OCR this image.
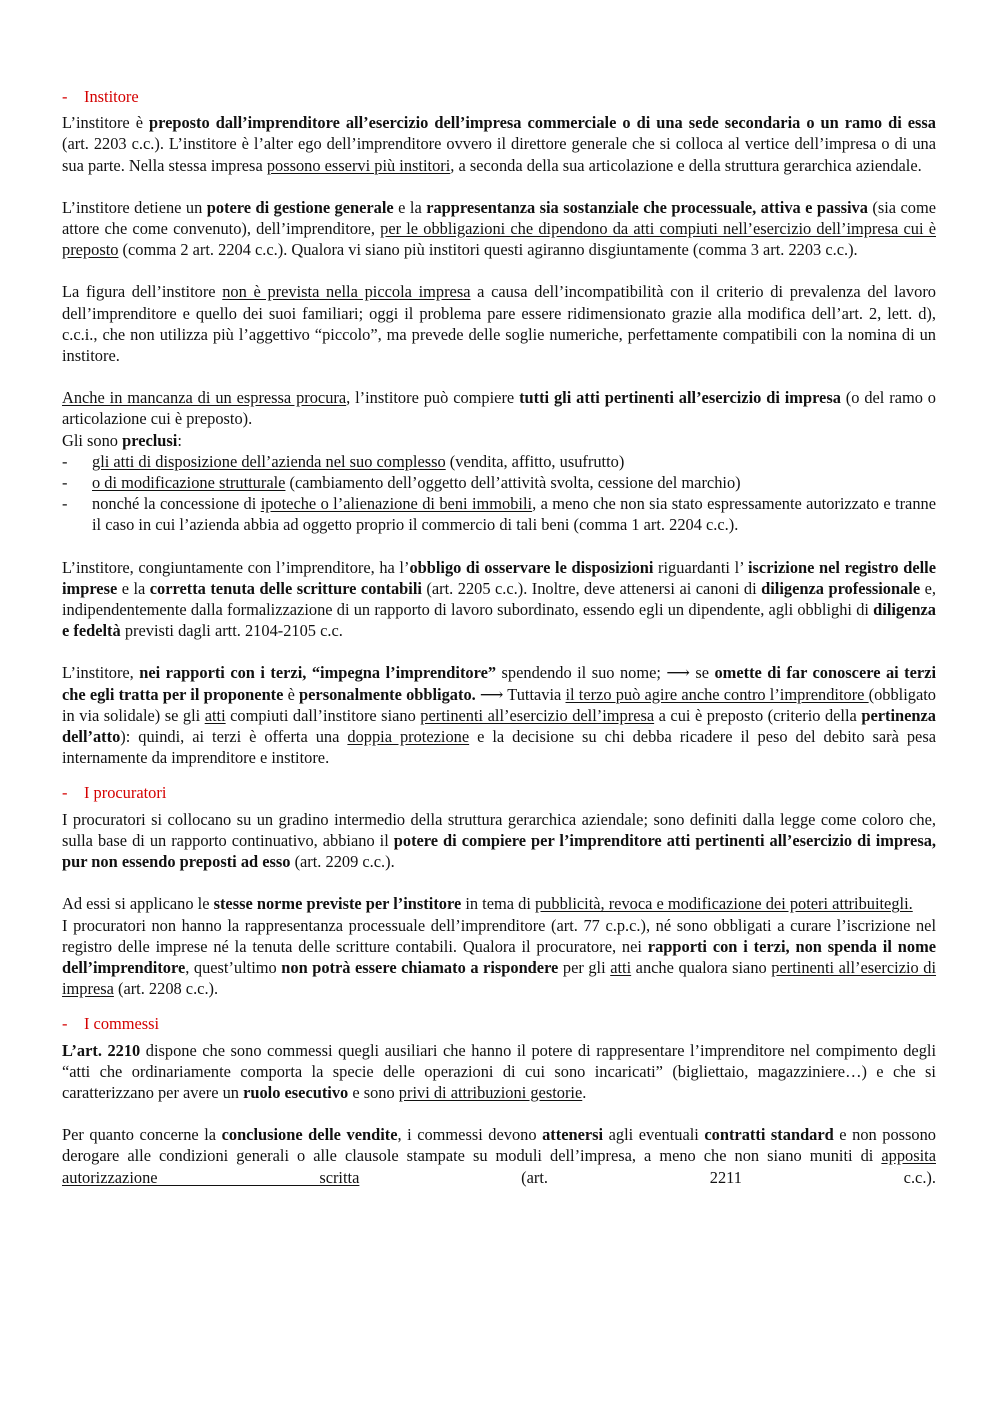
- Institore

L’institore è preposto dall’imprenditore all’esercizio dell’impresa commerciale o di una sede secondaria o un ramo di essa (art. 2203 c.c.). L’institore è l’alter ego dell’imprenditore ovvero il direttore generale che si colloca al vertice dell’impresa o di una sua parte. Nella stessa impresa possono esservi più institori, a seconda della sua articolazione e della struttura gerarchica aziendale.

L’institore detiene un potere di gestione generale e la rappresentanza sia sostanziale che processuale, attiva e passiva (sia come attore che come convenuto), dell’imprenditore, per le obbligazioni che dipendono da atti compiuti nell’esercizio dell’impresa cui è preposto (comma 2 art. 2204 c.c.). Qualora vi siano più institori questi agiranno disgiuntamente (comma 3 art. 2203 c.c.).

La figura dell’institore non è prevista nella piccola impresa a causa dell’incompatibilità con il criterio di prevalenza del lavoro dell’imprenditore e quello dei suoi familiari; oggi il problema pare essere ridimensionato grazie alla modifica dell’art. 2, lett. d), c.c.i., che non utilizza più l’aggettivo “piccolo”, ma prevede delle soglie numeriche, perfettamente compatibili con la nomina di un institore.

Anche in mancanza di un espressa procura, l’institore può compiere tutti gli atti pertinenti all’esercizio di impresa (o del ramo o articolazione cui è preposto).

Gli sono preclusi:

- gli atti di disposizione dell’azienda nel suo complesso (vendita, affitto, usufrutto)
- o di modificazione strutturale (cambiamento dell’oggetto dell’attività svolta, cessione del marchio)
- nonché la concessione di ipoteche o l’alienazione di beni immobili, a meno che non sia stato espressamente autorizzato e tranne il caso in cui l’azienda abbia ad oggetto proprio il commercio di tali beni (comma 1 art. 2204 c.c.).

L’institore, congiuntamente con l’imprenditore, ha l’obbligo di osservare le disposizioni riguardanti l’ iscrizione nel registro delle imprese e la corretta tenuta delle scritture contabili (art. 2205 c.c.). Inoltre, deve attenersi ai canoni di diligenza professionale e, indipendentemente dalla formalizzazione di un rapporto di lavoro subordinato, essendo egli un dipendente, agli obblighi di diligenza e fedeltà previsti dagli artt. 2104-2105 c.c.

L’institore, nei rapporti con i terzi, “impegna l’imprenditore” spendendo il suo nome; ⟶ se omette di far conoscere ai terzi che egli tratta per il proponente è personalmente obbligato. ⟶ Tuttavia il terzo può agire anche contro l’imprenditore (obbligato in via solidale) se gli atti compiuti dall’institore siano pertinenti all’esercizio dell’impresa a cui è preposto (criterio della pertinenza dell’atto): quindi, ai terzi è offerta una doppia protezione e la decisione su chi debba ricadere il peso del debito sarà pesa internamente da imprenditore e institore.

- I procuratori

I procuratori si collocano su un gradino intermedio della struttura gerarchica aziendale; sono definiti dalla legge come coloro che, sulla base di un rapporto continuativo, abbiano il potere di compiere per l’imprenditore atti pertinenti all’esercizio di impresa, pur non essendo preposti ad esso (art. 2209 c.c.).

Ad essi si applicano le stesse norme previste per l’institore in tema di pubblicità, revoca e modificazione dei poteri attribuitegli.

I procuratori non hanno la rappresentanza processuale dell’imprenditore (art. 77 c.p.c.), né sono obbligati a curare l’iscrizione nel registro delle imprese né la tenuta delle scritture contabili. Qualora il procuratore, nei rapporti con i terzi, non spenda il nome dell’imprenditore, quest’ultimo non potrà essere chiamato a rispondere per gli atti anche qualora siano pertinenti all’esercizio di impresa (art. 2208 c.c.).

- I commessi

L’art. 2210 dispone che sono commessi quegli ausiliari che hanno il potere di rappresentare l’imprenditore nel compimento degli “atti che ordinariamente comporta la specie delle operazioni di cui sono incaricati” (bigliettaio, magazziniere…) e che si caratterizzano per avere un ruolo esecutivo e sono privi di attribuzioni gestorie.

Per quanto concerne la conclusione delle vendite, i commessi devono attenersi agli eventuali contratti standard e non possono derogare alle condizioni generali o alle clausole stampate su moduli dell’impresa, a meno che non siano muniti di apposita autorizzazione scritta (art. 2211 c.c.).
